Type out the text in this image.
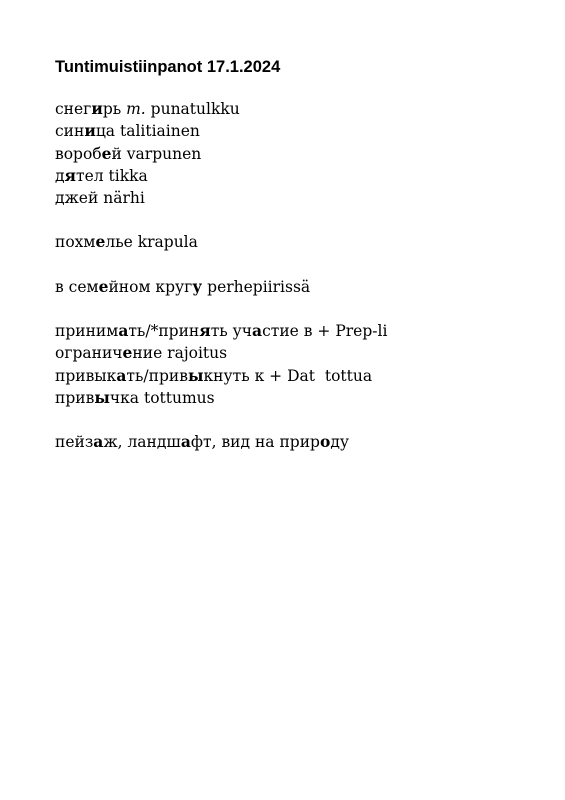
Tuntimuistiinpanot 17.1.2024
снегирь m. punatulkku
синица talitiainen
воробей varpunen
дятел tikka
джей närhi
похмелье krapula
в семейном кругу perhepiirissä
принимать/*принять участие в + Prep-li
ограничение rajoitus
привыкать/привыкнуть к + Dat  tottua
привычка tottumus
пейзаж, ландшафт, вид на природу
